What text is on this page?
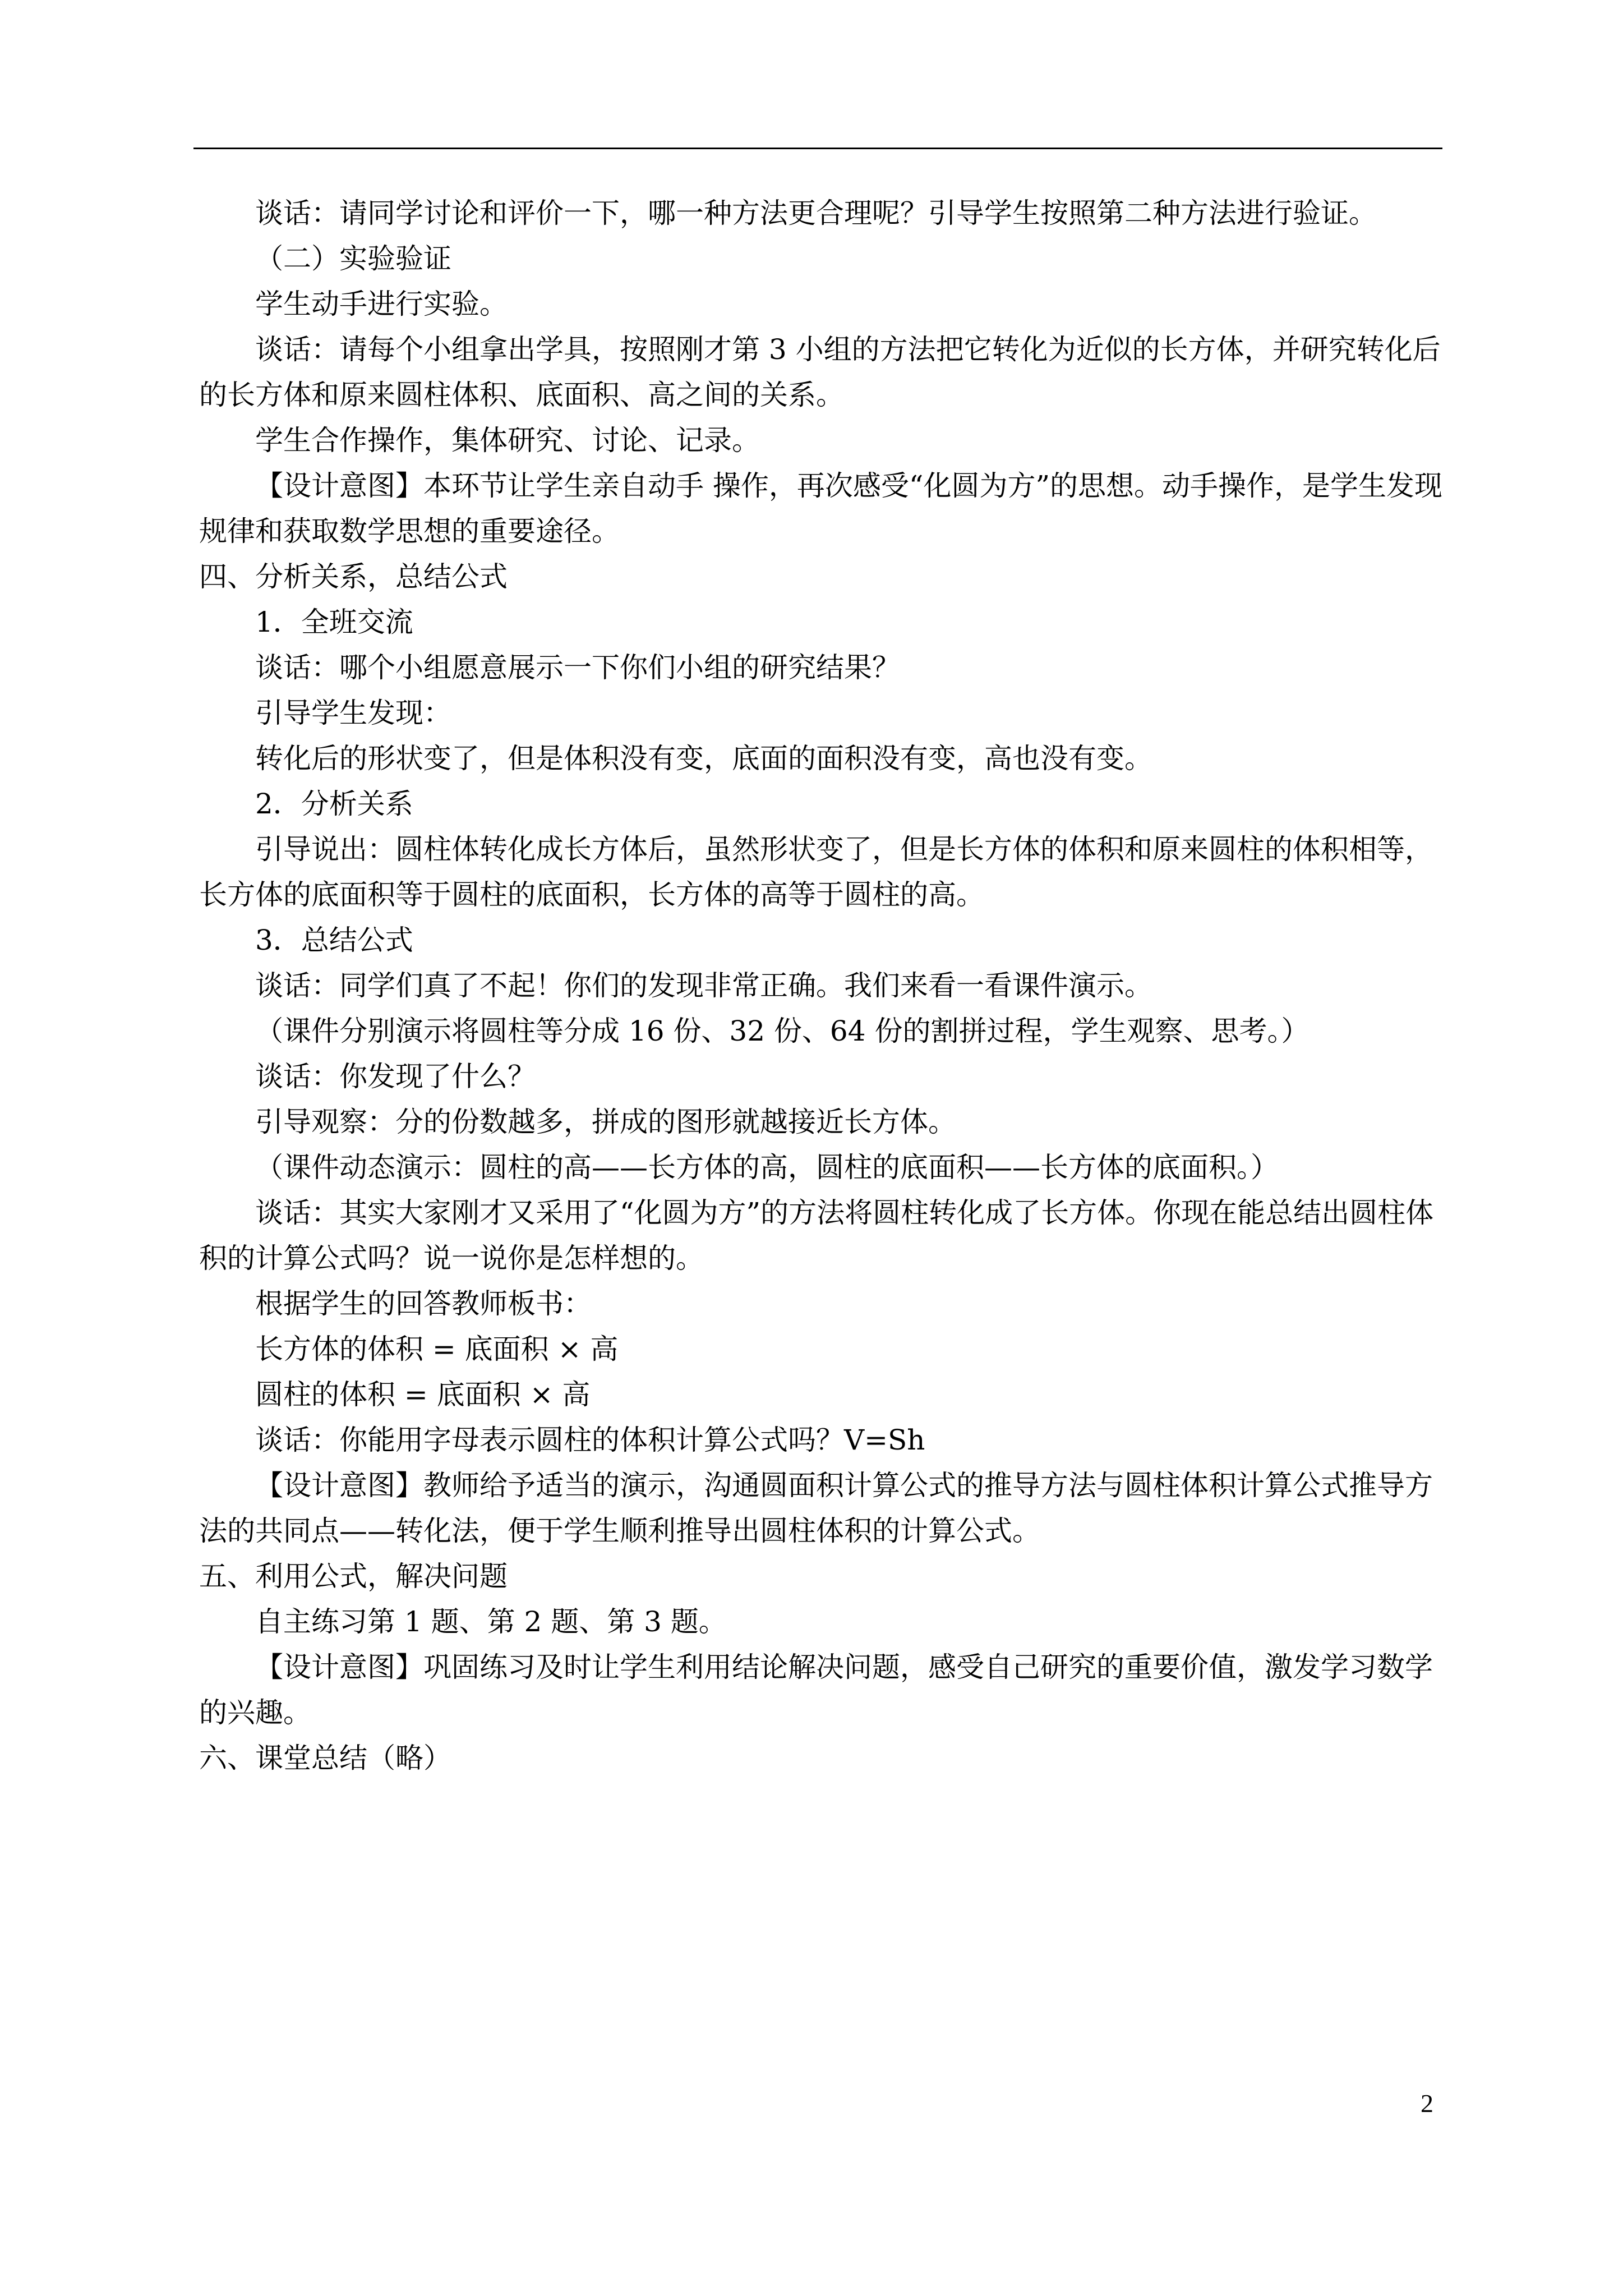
谈话：请同学讨论和评价一下，哪一种方法更合理呢？引导学生按照第二种方法进行验证。

（二）实验验证

学生动手进行实验。

谈话：请每个小组拿出学具，按照刚才第 3 小组的方法把它转化为近似的长方体，并研究转化后的长方体和原来圆柱体积、底面积、高之间的关系。

学生合作操作，集体研究、讨论、记录。

【设计意图】本环节让学生亲自动手 操作，再次感受“化圆为方”的思想。动手操作，是学生发现规律和获取数学思想的重要途径。

四、分析关系，总结公式

1．全班交流

谈话：哪个小组愿意展示一下你们小组的研究结果？

引导学生发现：

转化后的形状变了，但是体积没有变，底面的面积没有变，高也没有变。

2．分析关系

引导说出：圆柱体转化成长方体后，虽然形状变了，但是长方体的体积和原来圆柱的体积相等，长方体的底面积等于圆柱的底面积，长方体的高等于圆柱的高。

3．总结公式

谈话：同学们真了不起！你们的发现非常正确。我们来看一看课件演示。

（课件分别演示将圆柱等分成 16 份、32 份、64 份的割拼过程，学生观察、思考。）

谈话：你发现了什么？

引导观察：分的份数越多，拼成的图形就越接近长方体。

（课件动态演示：圆柱的高——长方体的高，圆柱的底面积——长方体的底面积。）

谈话：其实大家刚才又采用了“化圆为方”的方法将圆柱转化成了长方体。你现在能总结出圆柱体积的计算公式吗？说一说你是怎样想的。

根据学生的回答教师板书：

长方体的体积 = 底面积 × 高

圆柱的体积 = 底面积 × 高

谈话：你能用字母表示圆柱的体积计算公式吗？V=Sh

【设计意图】教师给予适当的演示，沟通圆面积计算公式的推导方法与圆柱体积计算公式推导方法的共同点——转化法，便于学生顺利推导出圆柱体积的计算公式。

五、利用公式，解决问题

自主练习第 1 题、第 2 题、第 3 题。

【设计意图】巩固练习及时让学生利用结论解决问题，感受自己研究的重要价值，激发学习数学的兴趣。

六、课堂总结（略）

2
